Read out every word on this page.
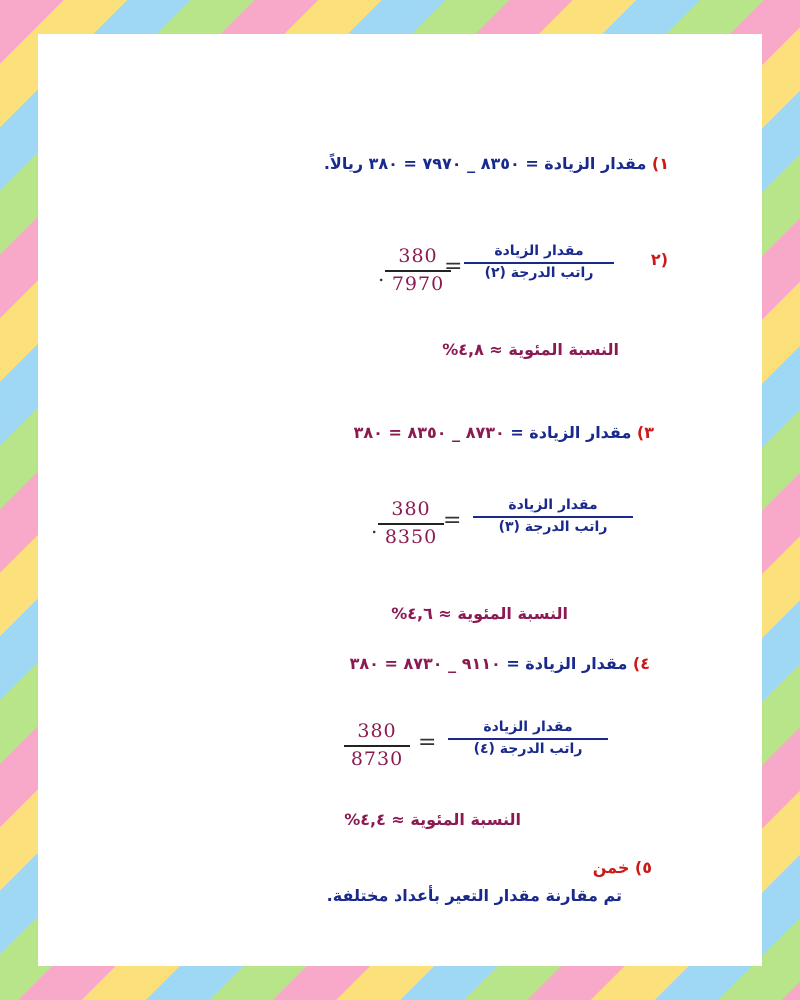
١) مقدار الزيادة = ٨٣٥٠ _ ٧٩٧٠ = ٣٨٠ ريالاً.
٢)
مقدار الزيادة
راتب الدرجة (٢)
=
380
7970
.
النسبة المئوية ≈ ٤,٨%
٣) مقدار الزيادة = ٨٧٣٠ _ ٨٣٥٠ = ٣٨٠
مقدار الزيادة
راتب الدرجة (٣)
=
380
8350
.
النسبة المئوية ≈ ٤,٦%
٤) مقدار الزيادة = ٩١١٠ _ ٨٧٣٠ = ٣٨٠
مقدار الزيادة
راتب الدرجة (٤)
=
380
8730
النسبة المئوية ≈ ٤,٤%
٥) خمن
تم مقارنة مقدار التعير بأعداد مختلفة.
